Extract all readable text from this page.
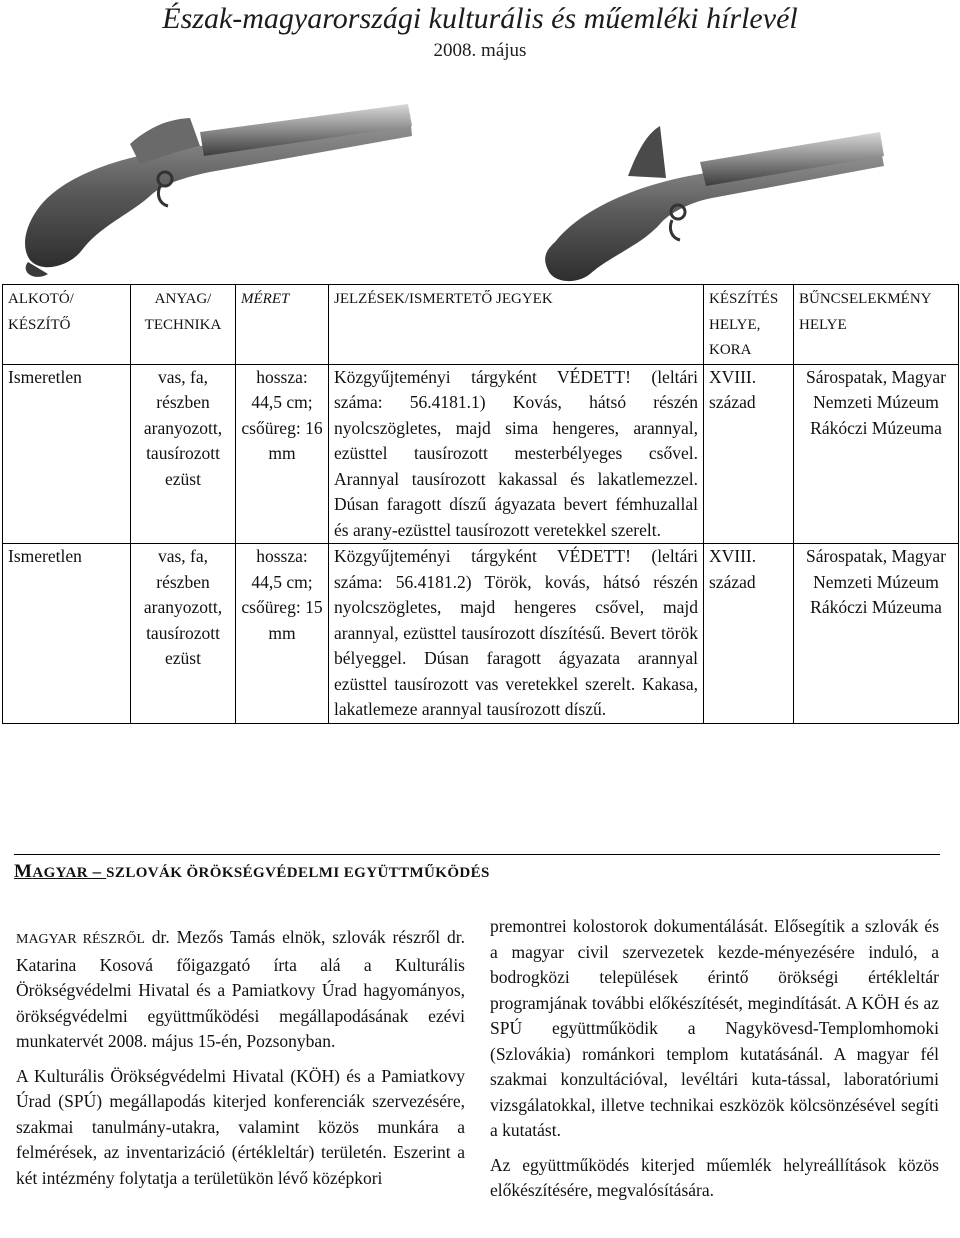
Észak-magyarországi kulturális és műemléki hírlevél
2008. május
ALKOTÓ/ KÉSZÍTŐ	ANYAG/ TECHNIKA	MÉRET	JELZÉSEK/ISMERTETŐ JEGYEK	KÉSZÍTÉS HELYE, KORA	BŰNCSELEKMÉNY HELYE
Ismeretlen	vas, fa, részben aranyozott, tausírozott ezüst	hossza: 44,5 cm; csőüreg: 16 mm	Közgyűjteményi tárgyként VÉDETT! (leltári száma: 56.4181.1) Kovás, hátsó részén nyolcszögletes, majd sima hengeres, arannyal, ezüsttel tausírozott mesterbélyeges csővel. Arannyal tausírozott kakassal és lakatlemezzel. Dúsan faragott díszű ágyazata bevert fémhuzallal és arany-ezüsttel tausírozott veretekkel szerelt.	XVIII. század	Sárospatak, Magyar Nemzeti Múzeum Rákóczi Múzeuma
Ismeretlen	vas, fa, részben aranyozott, tausírozott ezüst	hossza: 44,5 cm; csőüreg: 15 mm	Közgyűjteményi tárgyként VÉDETT! (leltári száma: 56.4181.2) Török, kovás, hátsó részén nyolcszögletes, majd hengeres csővel, majd arannyal, ezüsttel tausírozott díszítésű. Bevert török bélyeggel. Dúsan faragott ágyazata arannyal ezüsttel tausírozott vas veretekkel szerelt. Kakasa, lakatlemeze arannyal tausírozott díszű.	XVIII. század	Sárospatak, Magyar Nemzeti Múzeum Rákóczi Múzeuma
MAGYAR – SZLOVÁK ÖRÖKSÉGVÉDELMI EGYÜTTMŰKÖDÉS

MAGYAR RÉSZRŐL dr. Mezős Tamás elnök, szlovák részről dr. Katarina Kosová főigazgató írta alá a Kulturális Örökségvédelmi Hivatal és a Pamiatkovy Úrad hagyományos, örökségvédelmi együttműködési megállapodásának ezévi munkatervét 2008. május 15-én, Pozsonyban.

A Kulturális Örökségvédelmi Hivatal (KÖH) és a Pamiatkovy Úrad (SPÚ) megállapodás kiterjed konferenciák szervezésére, szakmai tanulmány-utakra, valamint közös munkára a felmérések, az inventarizáció (értékleltár) területén. Eszerint a két intézmény folytatja a területükön lévő középkori

premontrei kolostorok dokumentálását. Elősegítik a szlovák és a magyar civil szervezetek kezde-ményezésére induló, a bodrogközi települések érintő örökségi értékleltár programjának további előkészítését, megindítását. A KÖH és az SPÚ együttműködik a Nagykövesd-Templomhomoki (Szlovákia) románkori templom kutatásánál. A magyar fél szakmai konzultációval, levéltári kuta-tással, laboratóriumi vizsgálatokkal, illetve technikai eszközök kölcsönzésével segíti a kutatást.

Az együttműködés kiterjed műemlék helyreállítások közös előkészítésére, megvalósítására.
